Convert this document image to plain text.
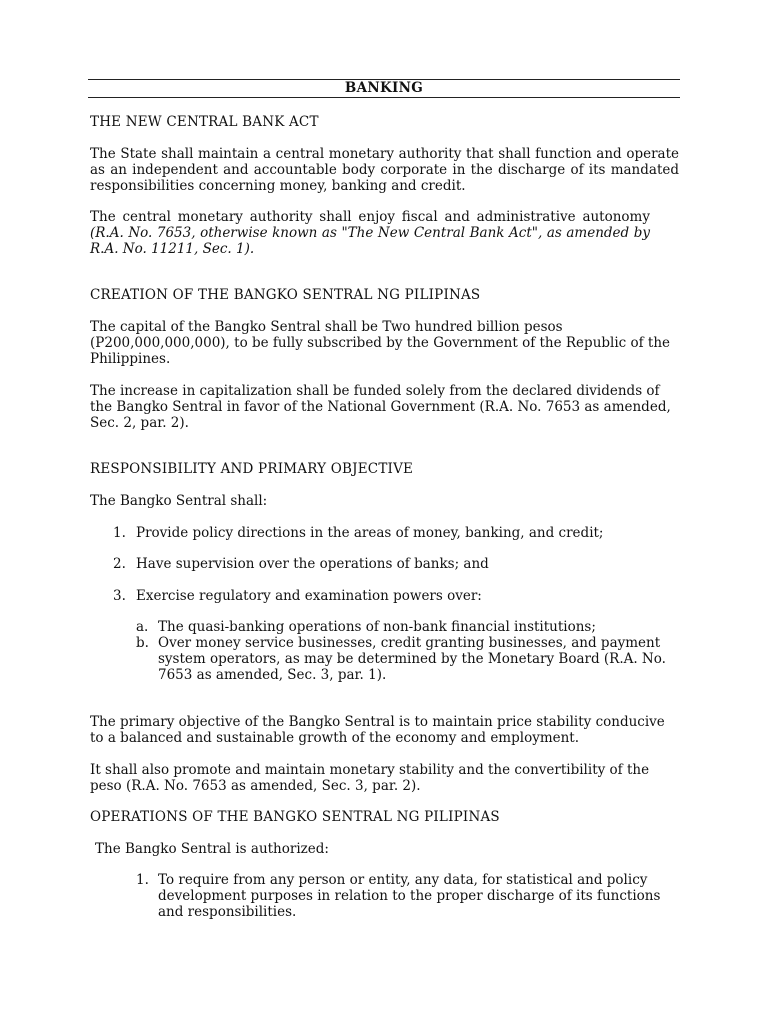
BANKING

THE NEW CENTRAL BANK ACT

The State shall maintain a central monetary authority that shall function and operate as an independent and accountable body corporate in the discharge of its mandated responsibilities concerning money, banking and credit.

The central monetary authority shall enjoy fiscal and administrative autonomy (R.A. No. 7653, otherwise known as "The New Central Bank Act", as amended by R.A. No. 11211, Sec. 1).

CREATION OF THE BANGKO SENTRAL NG PILIPINAS

The capital of the Bangko Sentral shall be Two hundred billion pesos (P200,000,000,000), to be fully subscribed by the Government of the Republic of the Philippines.

The increase in capitalization shall be funded solely from the declared dividends of the Bangko Sentral in favor of the National Government (R.A. No. 7653 as amended, Sec. 2, par. 2).

RESPONSIBILITY AND PRIMARY OBJECTIVE

The Bangko Sentral shall:

1. Provide policy directions in the areas of money, banking, and credit;
2. Have supervision over the operations of banks; and
3. Exercise regulatory and examination powers over:
a. The quasi-banking operations of non-bank financial institutions;
b. Over money service businesses, credit granting businesses, and payment system operators, as may be determined by the Monetary Board (R.A. No. 7653 as amended, Sec. 3, par. 1).

The primary objective of the Bangko Sentral is to maintain price stability conducive to a balanced and sustainable growth of the economy and employment.

It shall also promote and maintain monetary stability and the convertibility of the peso (R.A. No. 7653 as amended, Sec. 3, par. 2).

OPERATIONS OF THE BANGKO SENTRAL NG PILIPINAS

The Bangko Sentral is authorized:

1. To require from any person or entity, any data, for statistical and policy development purposes in relation to the proper discharge of its functions and responsibilities.
